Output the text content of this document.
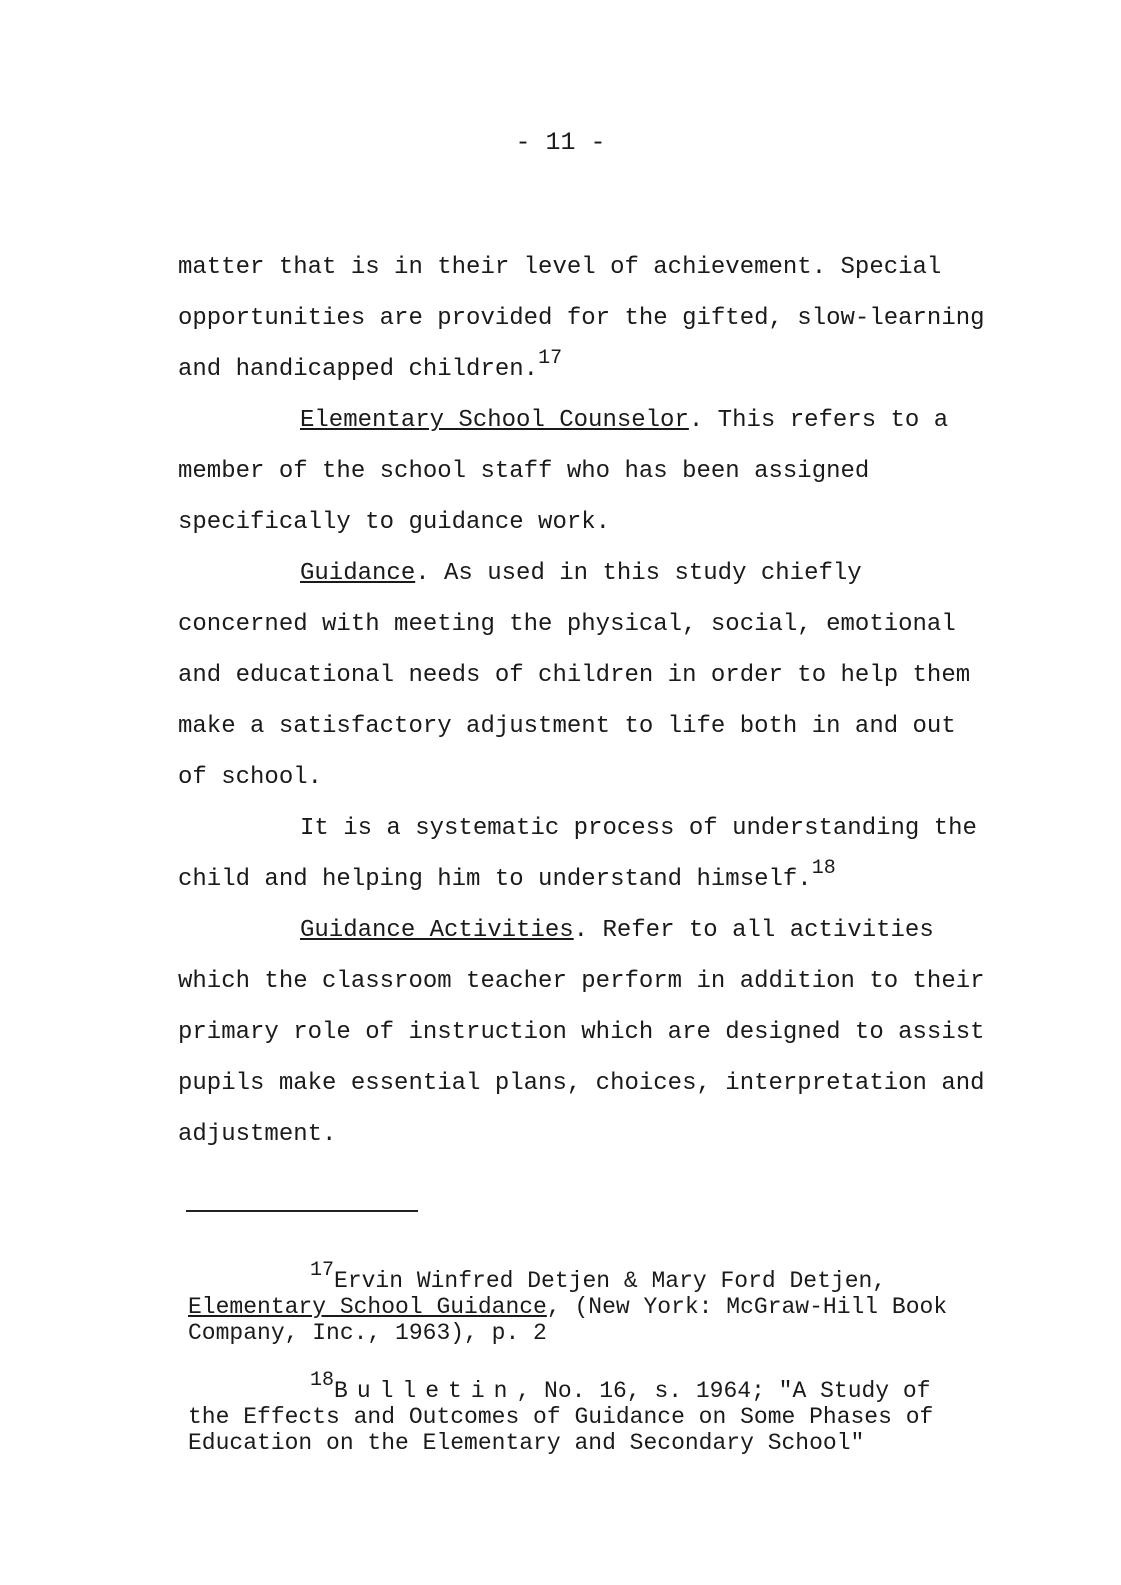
- 11 -
matter that is in their level of achievement. Special
opportunities are provided for the gifted, slow-learning
and handicapped children.$^{17}$
Elementary School Counselor. This refers to a
member of the school staff who has been assigned
specifically to guidance work.
Guidance. As used in this study chiefly
concerned with meeting the physical, social, emotional
and educational needs of children in order to help them
make a satisfactory adjustment to life both in and out
of school.
It is a systematic process of understanding the
child and helping him to understand himself.$^{18}$
Guidance Activities. Refer to all activities
which the classroom teacher perform in addition to their
primary role of instruction which are designed to assist
pupils make essential plans, choices, interpretation and
adjustment.
$^{17}$Ervin Winfred Detjen & Mary Ford Detjen,
Elementary School Guidance, (New York: McGraw-Hill Book
Company, Inc., 1963), p. 2
$^{18}$Bulletin, No. 16, s. 1964; "A Study of
the Effects and Outcomes of Guidance on Some Phases of
Education on the Elementary and Secondary School"
